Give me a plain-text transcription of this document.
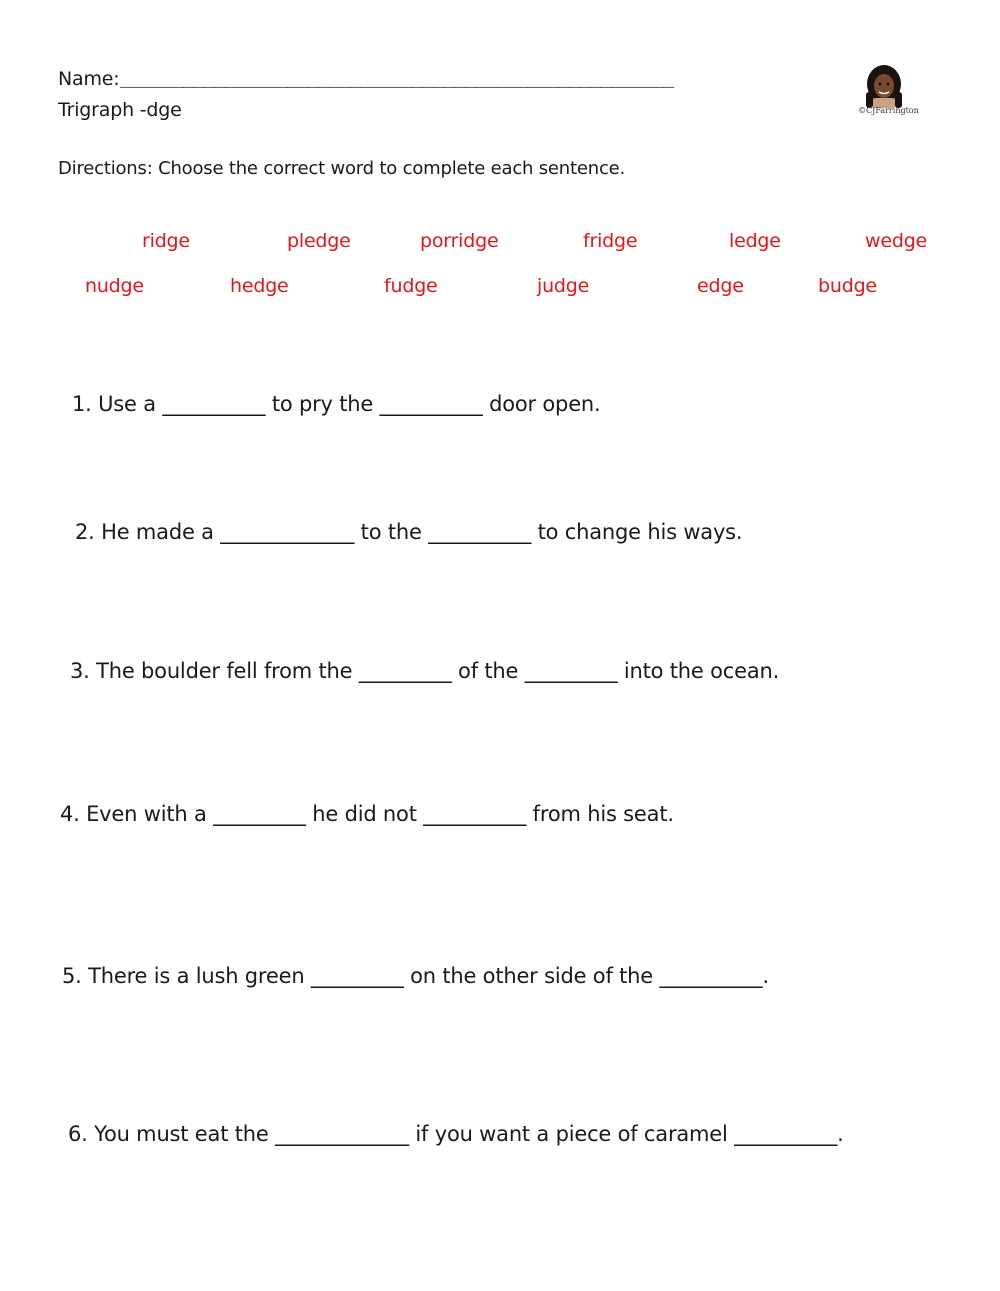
Name: _____________________________________________________
Trigraph -dge	©CJFarrington
Directions: Choose the correct word to complete each sentence.
ridge	pledge	porridge	fridge	ledge	wedge
nudge	hedge	fudge	judge	edge	budge
1. Use a __________ to pry the __________ door open.
2. He made a _____________ to the __________ to change his ways.
3. The boulder fell from the _________ of the _________ into the ocean.
4. Even with a _________ he did not __________ from his seat.
5. There is a lush green _________ on the other side of the __________.
6. You must eat the _____________ if you want a piece of caramel __________.
